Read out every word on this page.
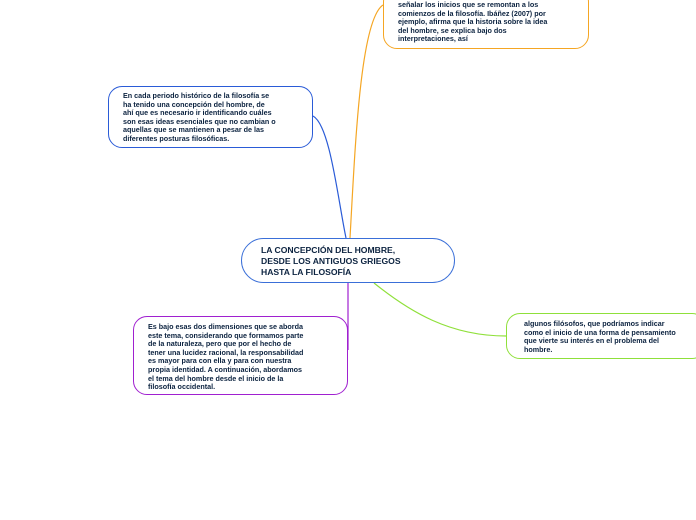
LA CONCEPCIÓN DEL HOMBRE,
DESDE LOS ANTIGUOS GRIEGOS
HASTA LA FILOSOFÍA
señalar los inicios que se remontan a los
comienzos de la filosofía. Ibáñez (2007) por
ejemplo, afirma que la historia sobre la idea
del hombre, se explica bajo dos
interpretaciones, así
En cada periodo histórico de la filosofía se
ha tenido una concepción del hombre, de
ahí que es necesario ir identificando cuáles
son esas ideas esenciales que no cambian o
aquellas que se mantienen a pesar de las
diferentes posturas filosóficas.
algunos filósofos, que podríamos indicar
como el inicio de una forma de pensamiento
que vierte su interés en el problema del
hombre.
Es bajo esas dos dimensiones que se aborda
este tema, considerando que formamos parte
de la naturaleza, pero que por el hecho de
tener una lucidez racional, la responsabilidad
es mayor para con ella y para con nuestra
propia identidad. A continuación, abordamos
el tema del hombre desde el inicio de la
filosofía occidental.
